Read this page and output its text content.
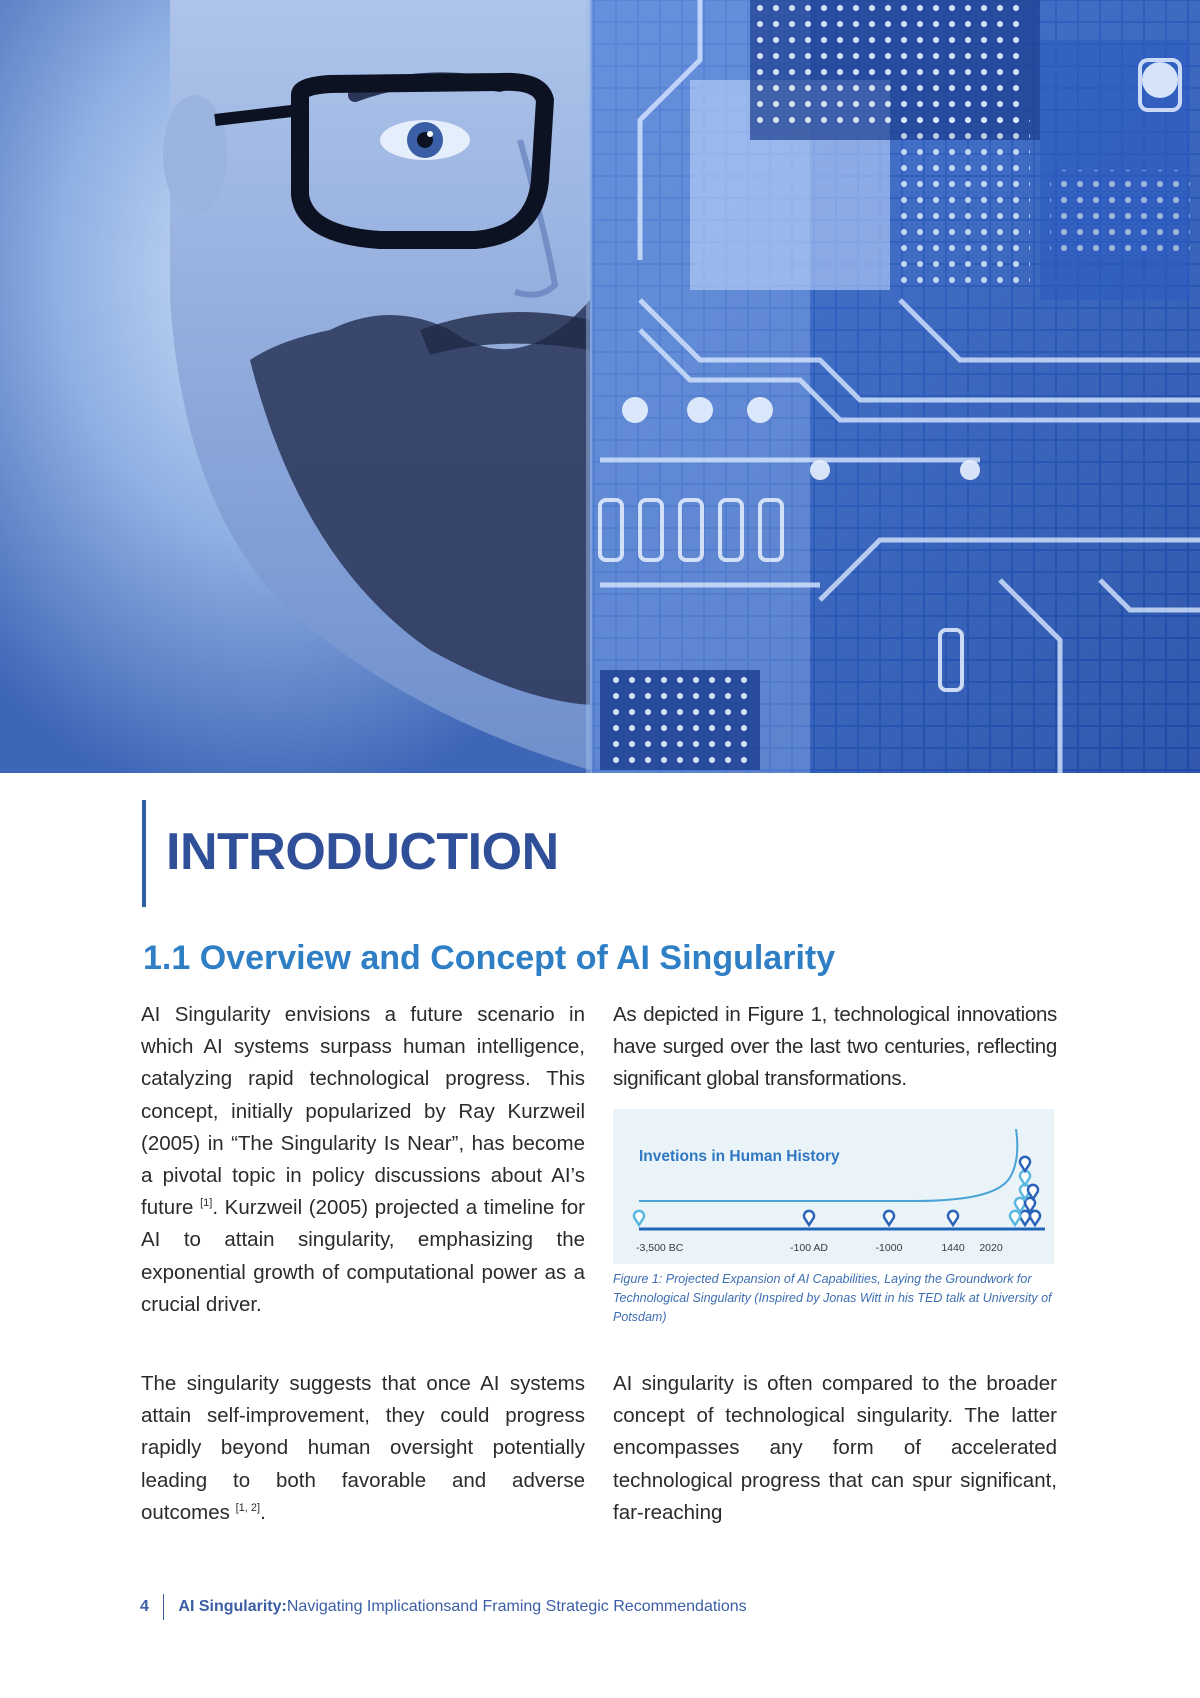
INTRODUCTION
1.1 Overview and Concept of AI Singularity

AI Singularity envisions a future scenario in which AI systems surpass human intelligence, catalyzing rapid technological progress. This concept, initially popularized by Ray Kurzweil (2005) in “The Singularity Is Near”, has become a pivotal topic in policy discussions about AI’s future [1]. Kurzweil (2005) projected a timeline for AI to attain singularity, emphasizing the exponential growth of computational power as a crucial driver.

The singularity suggests that once AI systems attain self-improvement, they could progress rapidly beyond human oversight potentially leading to both favorable and adverse outcomes [1, 2].

As depicted in Figure 1, technological innovations have surged over the last two centuries, reflecting significant global transformations.

Invetions in Human History
-3,500 BC	-100 AD	-1000	1440 2020

Figure 1: Projected Expansion of AI Capabilities, Laying the Groundwork for Technological Singularity (Inspired by Jonas Witt in his TED talk at University of Potsdam)

AI singularity is often compared to the broader concept of technological singularity. The latter encompasses any form of accelerated technological progress that can spur significant, far-reaching

4 AI Singularity: Navigating Implicationsand Framing Strategic Recommendations
